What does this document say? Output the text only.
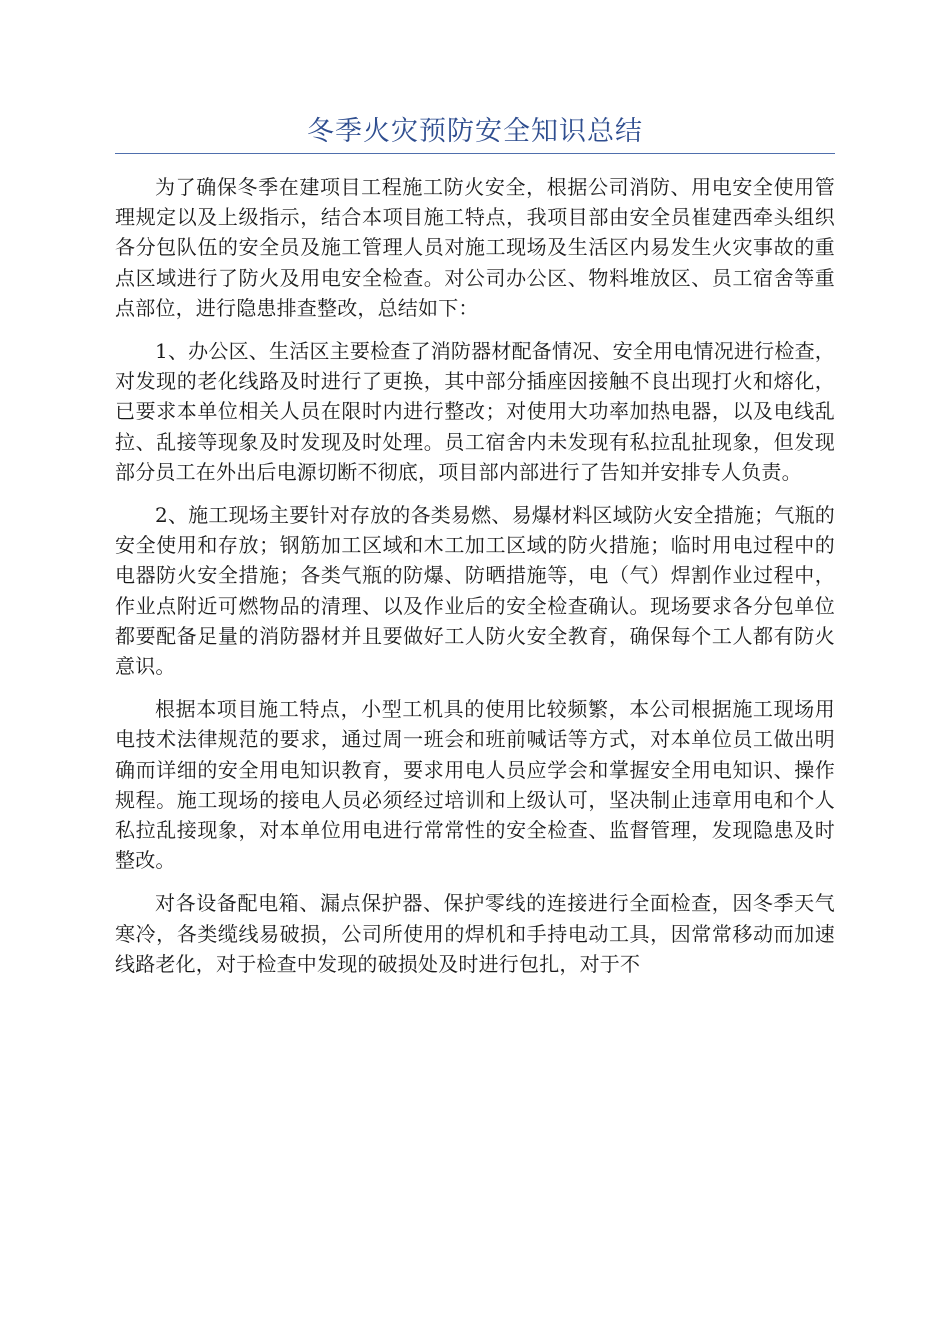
冬季火灾预防安全知识总结

为了确保冬季在建项目工程施工防火安全，根据公司消防、用电安全使用管理规定以及上级指示，结合本项目施工特点，我项目部由安全员崔建西牵头组织各分包队伍的安全员及施工管理人员对施工现场及生活区内易发生火灾事故的重点区域进行了防火及用电安全检查。对公司办公区、物料堆放区、员工宿舍等重点部位，进行隐患排查整改，总结如下：

1、办公区、生活区主要检查了消防器材配备情况、安全用电情况进行检查，对发现的老化线路及时进行了更换，其中部分插座因接触不良出现打火和熔化，已要求本单位相关人员在限时内进行整改；对使用大功率加热电器，以及电线乱拉、乱接等现象及时发现及时处理。员工宿舍内未发现有私拉乱扯现象，但发现部分员工在外出后电源切断不彻底，项目部内部进行了告知并安排专人负责。

2、施工现场主要针对存放的各类易燃、易爆材料区域防火安全措施；气瓶的安全使用和存放；钢筋加工区域和木工加工区域的防火措施；临时用电过程中的电器防火安全措施；各类气瓶的防爆、防晒措施等，电（气）焊割作业过程中，作业点附近可燃物品的清理、以及作业后的安全检查确认。现场要求各分包单位都要配备足量的消防器材并且要做好工人防火安全教育，确保每个工人都有防火意识。

根据本项目施工特点，小型工机具的使用比较频繁，本公司根据施工现场用电技术法律规范的要求，通过周一班会和班前喊话等方式，对本单位员工做出明确而详细的安全用电知识教育，要求用电人员应学会和掌握安全用电知识、操作规程。施工现场的接电人员必须经过培训和上级认可，坚决制止违章用电和个人私拉乱接现象，对本单位用电进行常常性的安全检查、监督管理，发现隐患及时整改。

对各设备配电箱、漏点保护器、保护零线的连接进行全面检查，因冬季天气寒冷，各类缆线易破损，公司所使用的焊机和手持电动工具，因常常移动而加速线路老化，对于检查中发现的破损处及时进行包扎，对于不
